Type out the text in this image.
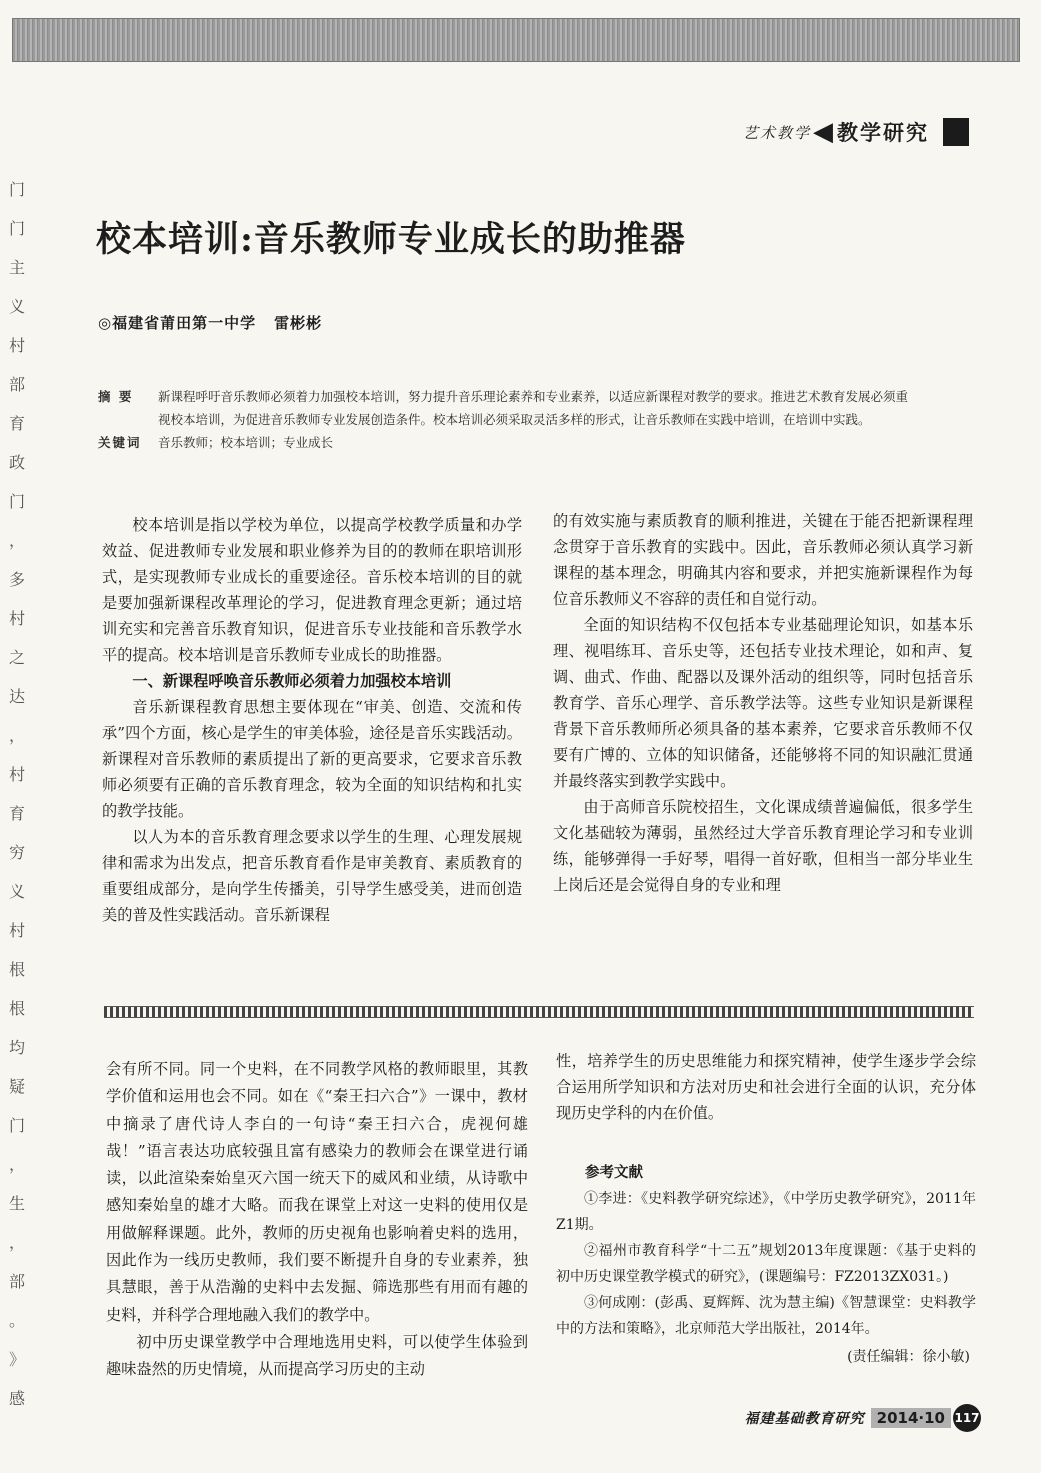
门
门
主
义
村
部
育
政
门
，
多
村
之
达
，
村
育
穷
义
村
根
根
均
疑
门
，
生
，
部
。
》
感
艺术教学 ◀ 教学研究
校本培训:音乐教师专业成长的助推器
◎福建省莆田第一中学 雷彬彬
摘 要	新课程呼吁音乐教师必须着力加强校本培训，努力提升音乐理论素养和专业素养，以适应新课程对教学的要求。推进艺术教育发展必须重视校本培训，为促进音乐教师专业发展创造条件。校本培训必须采取灵活多样的形式，让音乐教师在实践中培训，在培训中实践。
关键词	音乐教师；校本培训；专业成长

校本培训是指以学校为单位，以提高学校教学质量和办学效益、促进教师专业发展和职业修养为目的的教师在职培训形式，是实现教师专业成长的重要途径。音乐校本培训的目的就是要加强新课程改革理论的学习，促进教育理念更新；通过培训充实和完善音乐教育知识，促进音乐专业技能和音乐教学水平的提高。校本培训是音乐教师专业成长的助推器。

一、新课程呼唤音乐教师必须着力加强校本培训

音乐新课程教育思想主要体现在“审美、创造、交流和传承”四个方面，核心是学生的审美体验，途径是音乐实践活动。新课程对音乐教师的素质提出了新的更高要求，它要求音乐教师必须要有正确的音乐教育理念，较为全面的知识结构和扎实的教学技能。

以人为本的音乐教育理念要求以学生的生理、心理发展规律和需求为出发点，把音乐教育看作是审美教育、素质教育的重要组成部分，是向学生传播美，引导学生感受美，进而创造美的普及性实践活动。音乐新课程

的有效实施与素质教育的顺利推进，关键在于能否把新课程理念贯穿于音乐教育的实践中。因此，音乐教师必须认真学习新课程的基本理念，明确其内容和要求，并把实施新课程作为每位音乐教师义不容辞的责任和自觉行动。

全面的知识结构不仅包括本专业基础理论知识，如基本乐理、视唱练耳、音乐史等，还包括专业技术理论，如和声、复调、曲式、作曲、配器以及课外活动的组织等，同时包括音乐教育学、音乐心理学、音乐教学法等。这些专业知识是新课程背景下音乐教师所必须具备的基本素养，它要求音乐教师不仅要有广博的、立体的知识储备，还能够将不同的知识融汇贯通并最终落实到教学实践中。

由于高师音乐院校招生，文化课成绩普遍偏低，很多学生文化基础较为薄弱，虽然经过大学音乐教育理论学习和专业训练，能够弹得一手好琴，唱得一首好歌，但相当一部分毕业生上岗后还是会觉得自身的专业和理

会有所不同。同一个史料，在不同教学风格的教师眼里，其教学价值和运用也会不同。如在《“秦王扫六合”》一课中，教材中摘录了唐代诗人李白的一句诗“秦王扫六合，虎视何雄哉！”语言表达功底较强且富有感染力的教师会在课堂进行诵读，以此渲染秦始皇灭六国一统天下的威风和业绩，从诗歌中感知秦始皇的雄才大略。而我在课堂上对这一史料的使用仅是用做解释课题。此外，教师的历史视角也影响着史料的选用，因此作为一线历史教师，我们要不断提升自身的专业素养，独具慧眼，善于从浩瀚的史料中去发掘、筛选那些有用而有趣的史料，并科学合理地融入我们的教学中。

初中历史课堂教学中合理地选用史料，可以使学生体验到趣味盎然的历史情境，从而提高学习历史的主动

性，培养学生的历史思维能力和探究精神，使学生逐步学会综合运用所学知识和方法对历史和社会进行全面的认识，充分体现历史学科的内在价值。

参考文献

①李进：《史料教学研究综述》，《中学历史教学研究》，2011年Z1期。

②福州市教育科学“十二五”规划2013年度课题：《基于史料的初中历史课堂教学模式的研究》，(课题编号：FZ2013ZX031。)

③何成刚：(彭禹、夏辉辉、沈为慧主编)《智慧课堂：史料教学中的方法和策略》，北京师范大学出版社，2014年。

(责任编辑：徐小敏)
福建基础教育研究 2014·10 117
